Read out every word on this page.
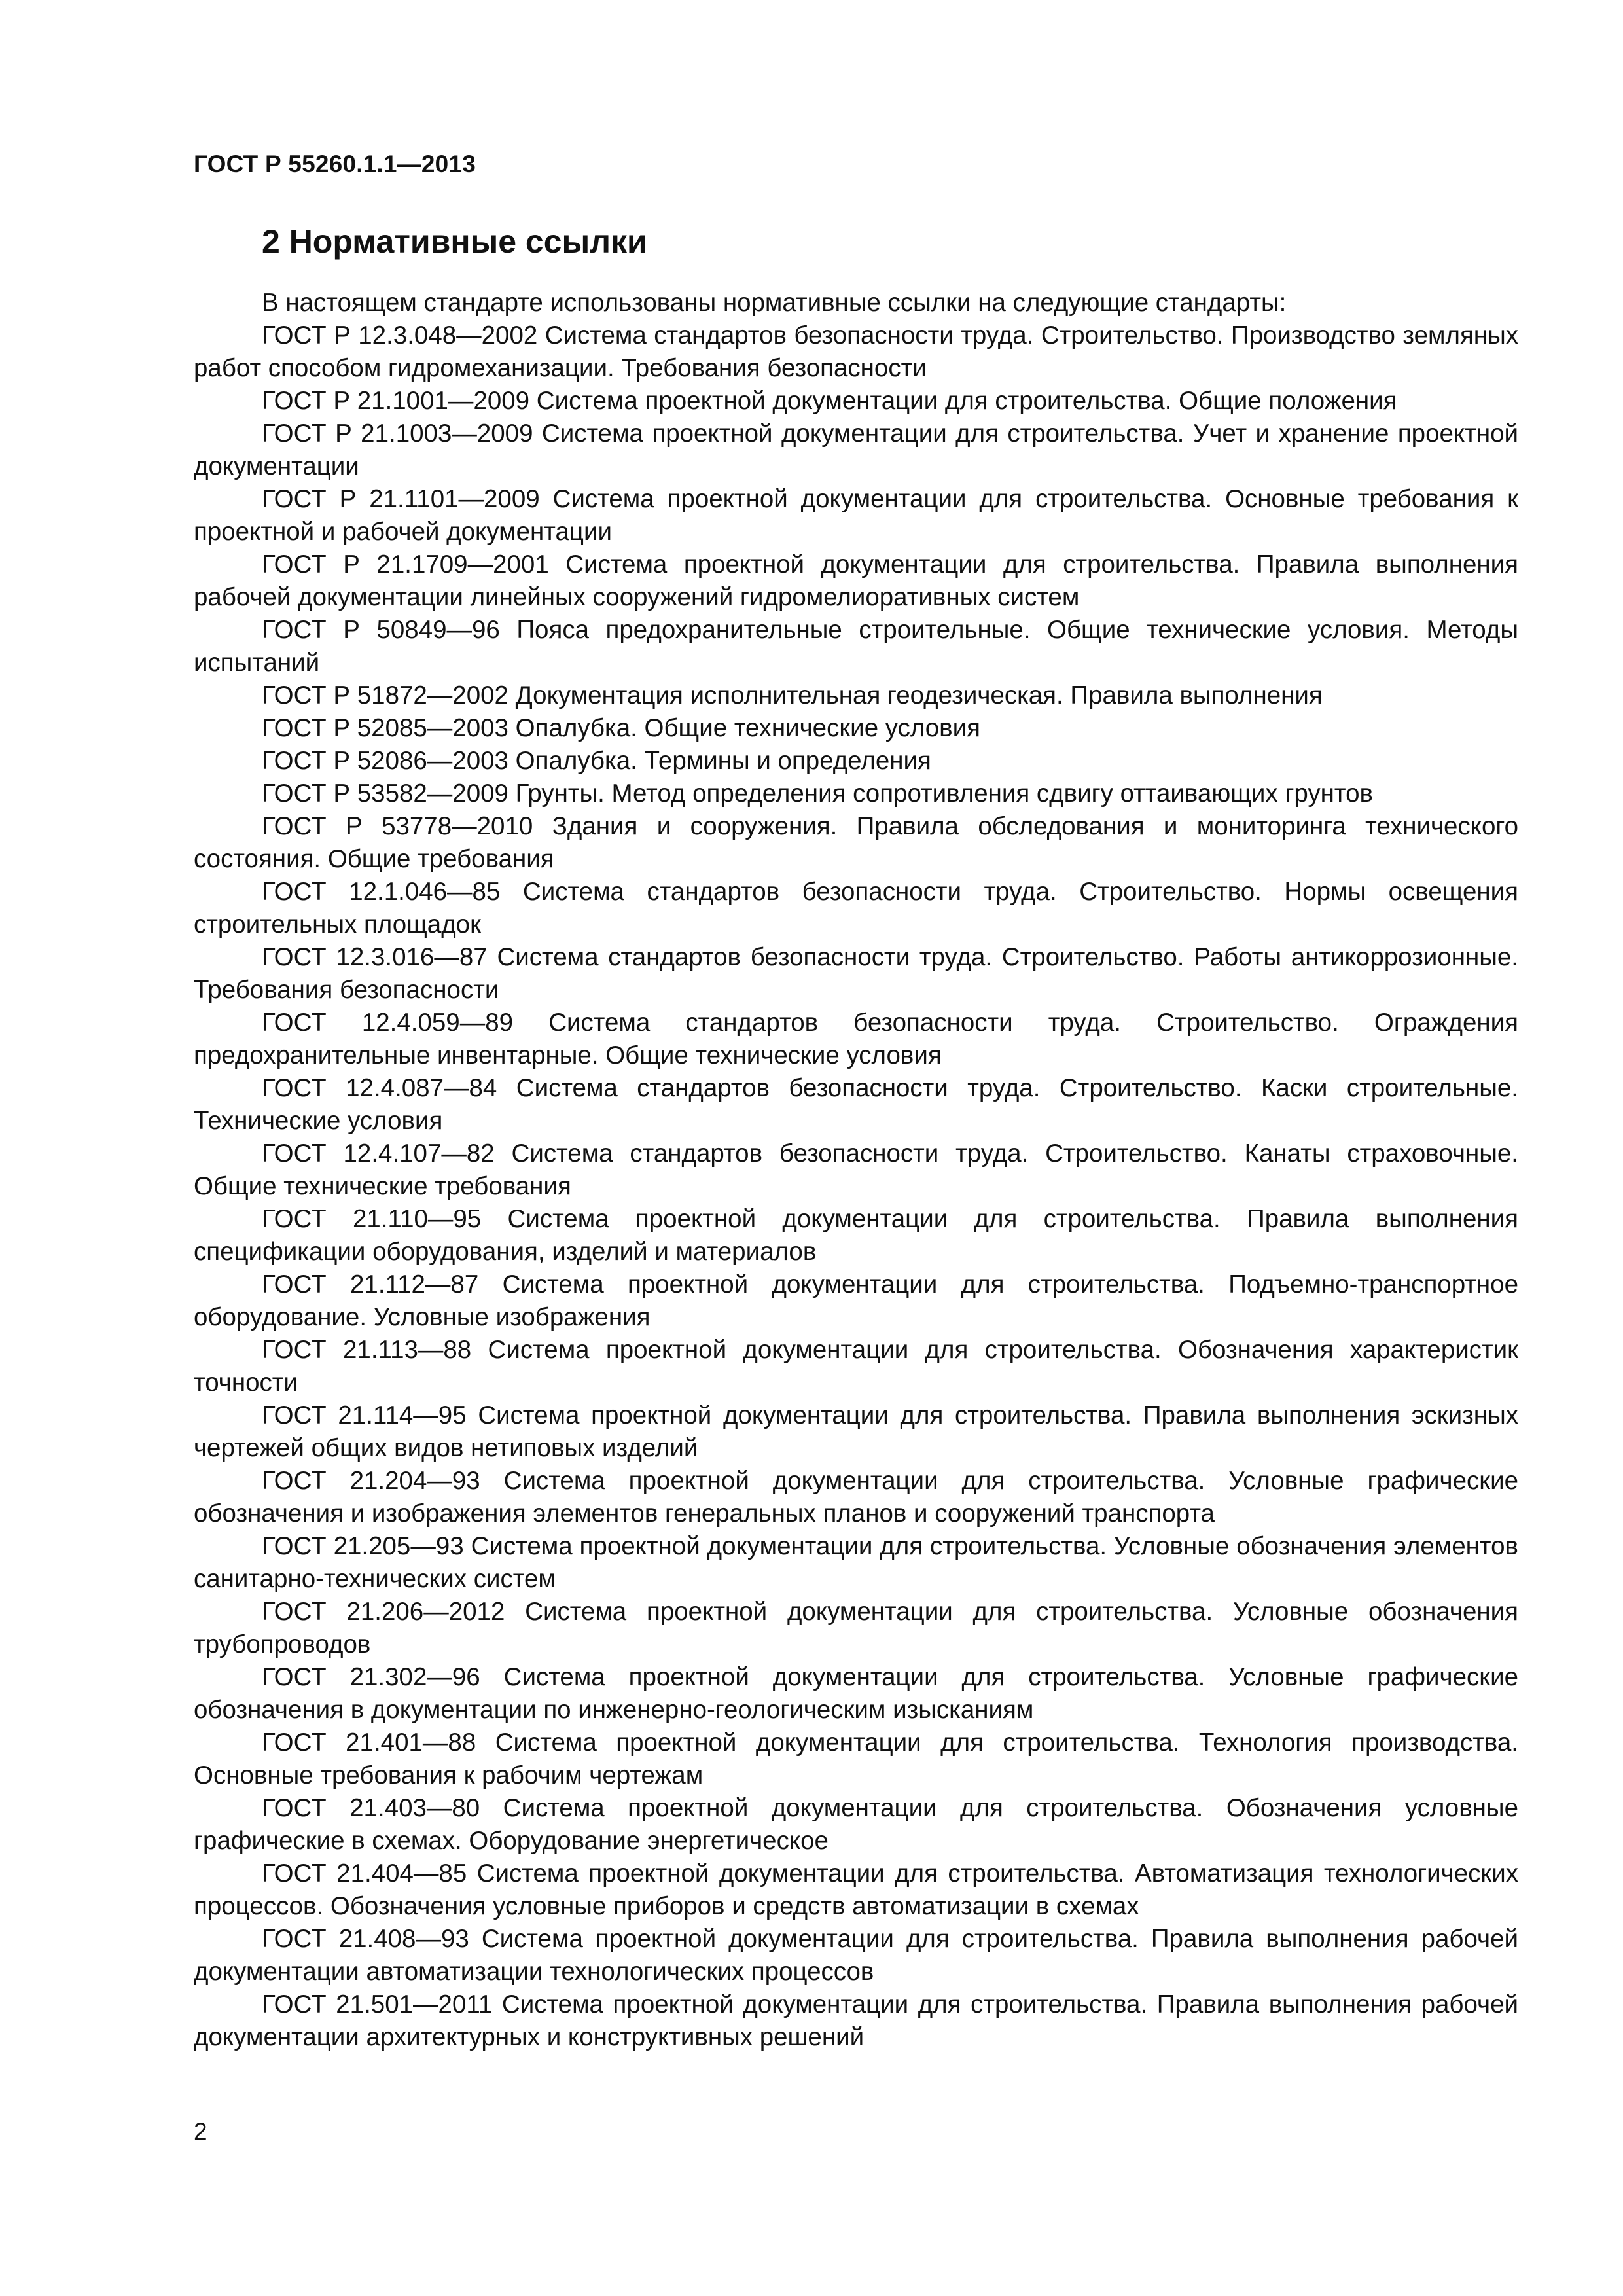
ГОСТ Р 55260.1.1—2013
2 Нормативные ссылки

В настоящем стандарте использованы нормативные ссылки на следующие стандарты:

ГОСТ Р 12.3.048—2002 Система стандартов безопасности труда. Строительство. Производство земляных работ способом гидромеханизации. Требования безопасности

ГОСТ Р 21.1001—2009 Система проектной документации для строительства. Общие положения

ГОСТ Р 21.1003—2009 Система проектной документации для строительства. Учет и хранение проектной документации

ГОСТ Р 21.1101—2009 Система проектной документации для строительства. Основные требования к проектной и рабочей документации

ГОСТ Р 21.1709—2001 Система проектной документации для строительства. Правила выполнения рабочей документации линейных сооружений гидромелиоративных систем

ГОСТ Р 50849—96 Пояса предохранительные строительные. Общие технические условия. Методы испытаний

ГОСТ Р 51872—2002 Документация исполнительная геодезическая. Правила выполнения

ГОСТ Р 52085—2003 Опалубка. Общие технические условия

ГОСТ Р 52086—2003 Опалубка. Термины и определения

ГОСТ Р 53582—2009 Грунты. Метод определения сопротивления сдвигу оттаивающих грунтов

ГОСТ Р 53778—2010 Здания и сооружения. Правила обследования и мониторинга технического состояния. Общие требования

ГОСТ 12.1.046—85 Система стандартов безопасности труда. Строительство. Нормы освещения строительных площадок

ГОСТ 12.3.016—87 Система стандартов безопасности труда. Строительство. Работы антикоррозионные. Требования безопасности

ГОСТ 12.4.059—89 Система стандартов безопасности труда. Строительство. Ограждения предохранительные инвентарные. Общие технические условия

ГОСТ 12.4.087—84 Система стандартов безопасности труда. Строительство. Каски строительные. Технические условия

ГОСТ 12.4.107—82 Система стандартов безопасности труда. Строительство. Канаты страховочные. Общие технические требования

ГОСТ 21.110—95 Система проектной документации для строительства. Правила выполнения спецификации оборудования, изделий и материалов

ГОСТ 21.112—87 Система проектной документации для строительства. Подъемно-транспортное оборудование. Условные изображения

ГОСТ 21.113—88 Система проектной документации для строительства. Обозначения характеристик точности

ГОСТ 21.114—95 Система проектной документации для строительства. Правила выполнения эскизных чертежей общих видов нетиповых изделий

ГОСТ 21.204—93 Система проектной документации для строительства. Условные графические обозначения и изображения элементов генеральных планов и сооружений транспорта

ГОСТ 21.205—93 Система проектной документации для строительства. Условные обозначения элементов санитарно-технических систем

ГОСТ 21.206—2012 Система проектной документации для строительства. Условные обозначения трубопроводов

ГОСТ 21.302—96 Система проектной документации для строительства. Условные графические обозначения в документации по инженерно-геологическим изысканиям

ГОСТ 21.401—88 Система проектной документации для строительства. Технология производства. Основные требования к рабочим чертежам

ГОСТ 21.403—80 Система проектной документации для строительства. Обозначения условные графические в схемах. Оборудование энергетическое

ГОСТ 21.404—85 Система проектной документации для строительства. Автоматизация технологических процессов. Обозначения условные приборов и средств автоматизации в схемах

ГОСТ 21.408—93 Система проектной документации для строительства. Правила выполнения рабочей документации автоматизации технологических процессов

ГОСТ 21.501—2011 Система проектной документации для строительства. Правила выполнения рабочей документации архитектурных и конструктивных решений

2
